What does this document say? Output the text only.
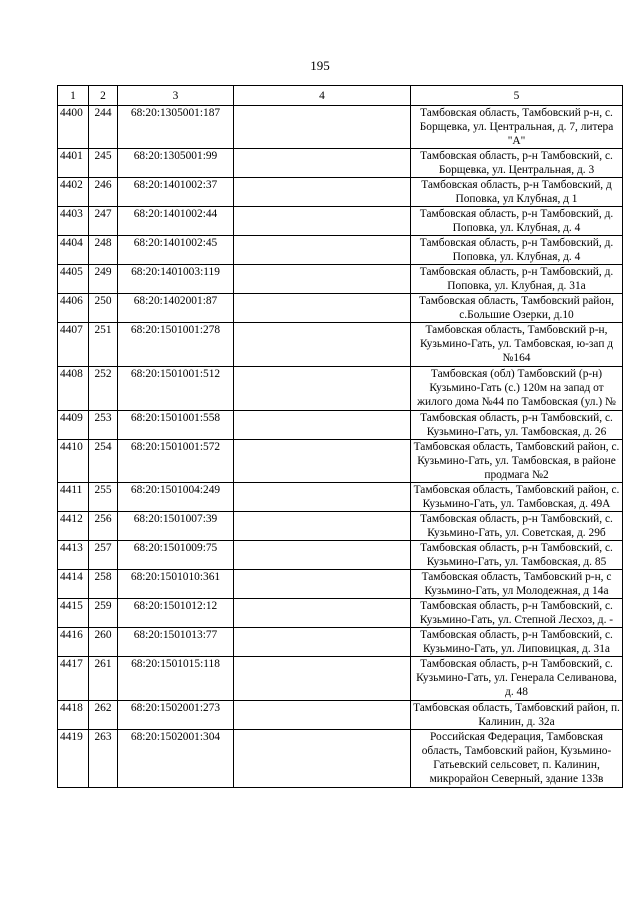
195
1	2	3	4	5
4400	244	68:20:1305001:187		Тамбовская область, Тамбовский р-н, с. Борщевка, ул. Центральная, д. 7, литера "А"
4401	245	68:20:1305001:99		Тамбовская область, р-н Тамбовский, с. Борщевка, ул. Центральная, д. 3
4402	246	68:20:1401002:37		Тамбовская область, р-н Тамбовский, д Поповка, ул Клубная, д 1
4403	247	68:20:1401002:44		Тамбовская область, р-н Тамбовский, д. Поповка, ул. Клубная, д. 4
4404	248	68:20:1401002:45		Тамбовская область, р-н Тамбовский, д. Поповка, ул. Клубная, д. 4
4405	249	68:20:1401003:119		Тамбовская область, р-н Тамбовский, д. Поповка, ул. Клубная, д. 31а
4406	250	68:20:1402001:87		Тамбовская область, Тамбовский район, с.Большие Озерки, д.10
4407	251	68:20:1501001:278		Тамбовская область, Тамбовский р-н, Кузьмино-Гать, ул. Тамбовская, ю-зап д №164
4408	252	68:20:1501001:512		Тамбовская (обл) Тамбовский (р-н) Кузьмино-Гать (с.) 120м на запад от жилого дома №44 по Тамбовская (ул.) №
4409	253	68:20:1501001:558		Тамбовская область, р-н Тамбовский, с. Кузьмино-Гать, ул. Тамбовская, д. 26
4410	254	68:20:1501001:572		Тамбовская область, Тамбовский район, с. Кузьмино-Гать, ул. Тамбовская, в районе продмага №2
4411	255	68:20:1501004:249		Тамбовская область, Тамбовский район, с. Кузьмино-Гать, ул. Тамбовская, д. 49А
4412	256	68:20:1501007:39		Тамбовская область, р-н Тамбовский, с. Кузьмино-Гать, ул. Советская, д. 29б
4413	257	68:20:1501009:75		Тамбовская область, р-н Тамбовский, с. Кузьмино-Гать, ул. Тамбовская, д. 85
4414	258	68:20:1501010:361		Тамбовская область, Тамбовский р-н, с Кузьмино-Гать, ул Молодежная, д 14а
4415	259	68:20:1501012:12		Тамбовская область, р-н Тамбовский, с. Кузьмино-Гать, ул. Степной Лесхоз, д. -
4416	260	68:20:1501013:77		Тамбовская область, р-н Тамбовский, с. Кузьмино-Гать, ул. Липовицкая, д. 31а
4417	261	68:20:1501015:118		Тамбовская область, р-н Тамбовский, с. Кузьмино-Гать, ул. Генерала Селиванова, д. 48
4418	262	68:20:1502001:273		Тамбовская область, Тамбовский район, п. Калинин, д. 32а
4419	263	68:20:1502001:304		Российская Федерация, Тамбовская область, Тамбовский район, Кузьмино-Гатьевский сельсовет, п. Калинин, микрорайон Северный, здание 133в
